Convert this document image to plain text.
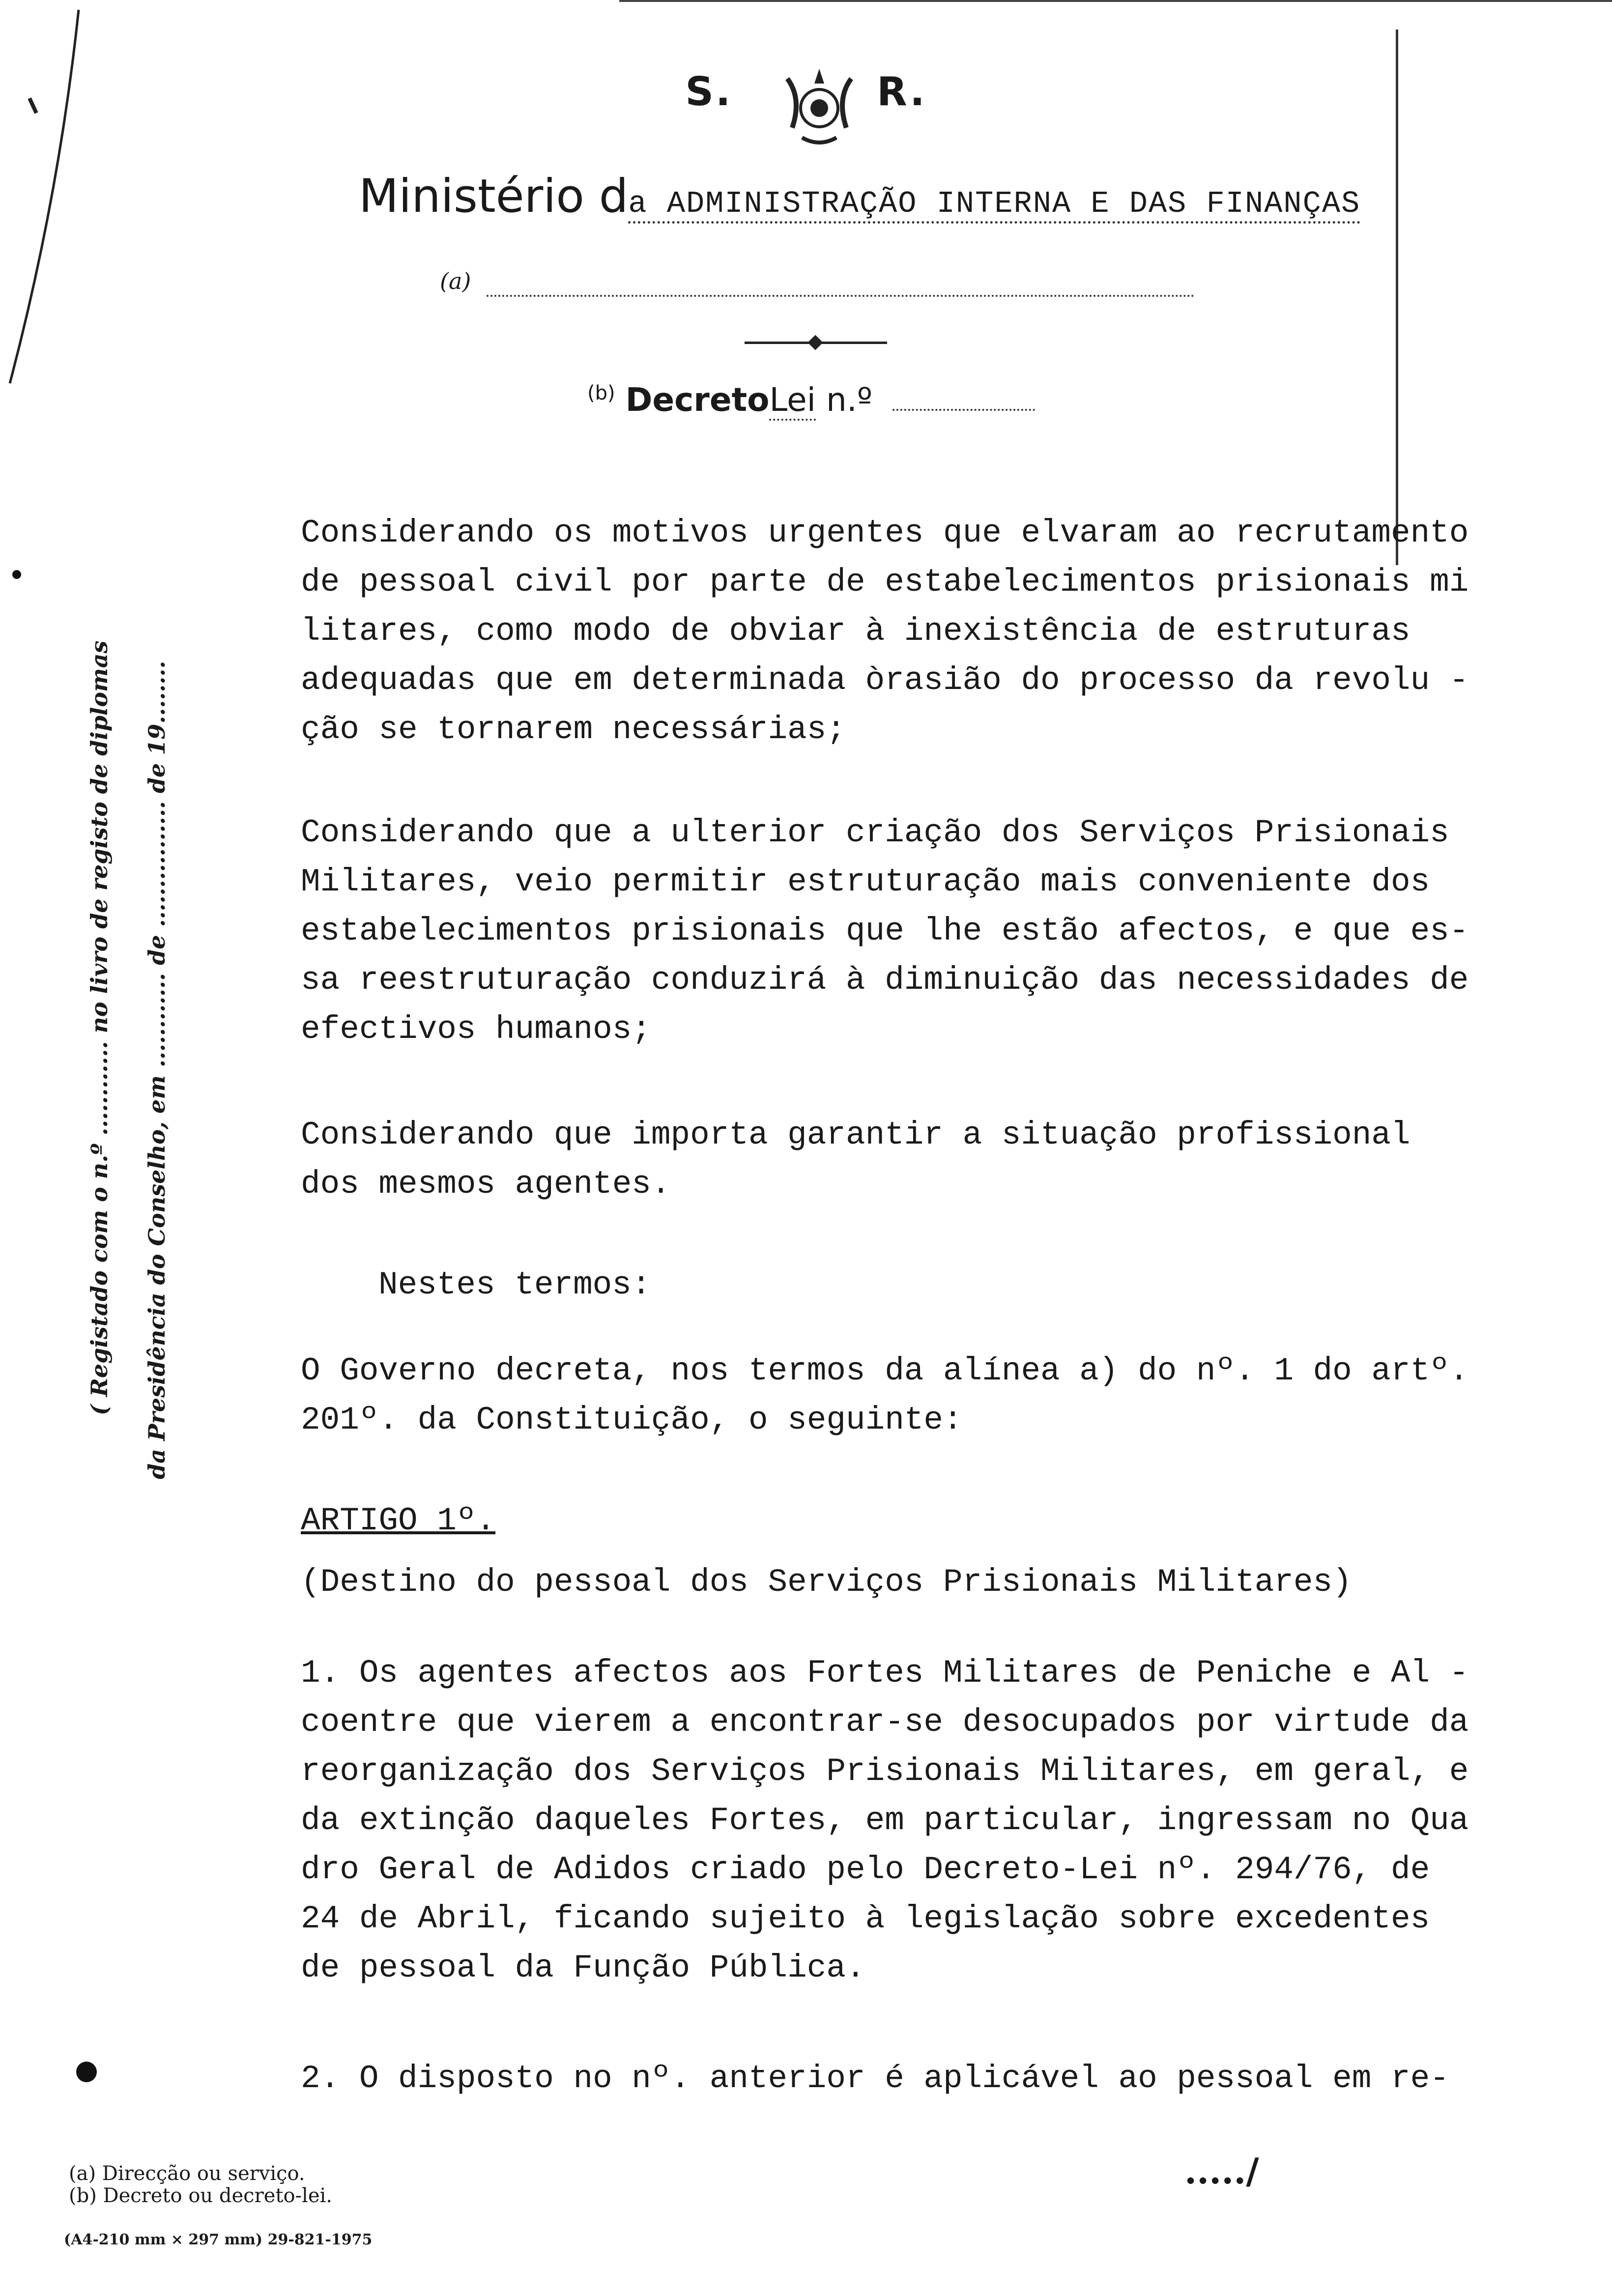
S.	R.
Ministério da ADMINISTRAÇÃO INTERNA E DAS FINANÇAS
(a)
$^{(b)}$ DecretoLei n.º
( Registado com o n.º ............ no livro de registo de diplomas da Presidência do Conselho, em ............ de ................ de 19........

Considerando os motivos urgentes que elvaram ao recrutamento

de pessoal civil por parte de estabelecimentos prisionais mi

litares, como modo de obviar à inexistência de estruturas

adequadas que em determinada òrasião do processo da revolu -

ção se tornarem necessárias;

Considerando que a ulterior criação dos Serviços Prisionais

Militares, veio permitir estruturação mais conveniente dos

estabelecimentos prisionais que lhe estão afectos, e que es-

sa reestruturação conduzirá à diminuição das necessidades de

efectivos humanos;

Considerando que importa garantir a situação profissional

dos mesmos agentes.

Nestes termos:

O Governo decreta, nos termos da alínea a) do nº. 1 do artº.

201º. da Constituição, o seguinte:

ARTIGO 1º.

(Destino do pessoal dos Serviços Prisionais Militares)

1. Os agentes afectos aos Fortes Militares de Peniche e Al -

coentre que vierem a encontrar-se desocupados por virtude da

reorganização dos Serviços Prisionais Militares, em geral, e

da extinção daqueles Fortes, em particular, ingressam no Qua

dro Geral de Adidos criado pelo Decreto-Lei nº. 294/76, de

24 de Abril, ficando sujeito à legislação sobre excedentes

de pessoal da Função Pública.

2. O disposto no nº. anterior é aplicável ao pessoal em re-

(a) Direcção ou serviço.
(b) Decreto ou decreto-lei.
(A4-210 mm × 297 mm) 29-821-1975
...../
